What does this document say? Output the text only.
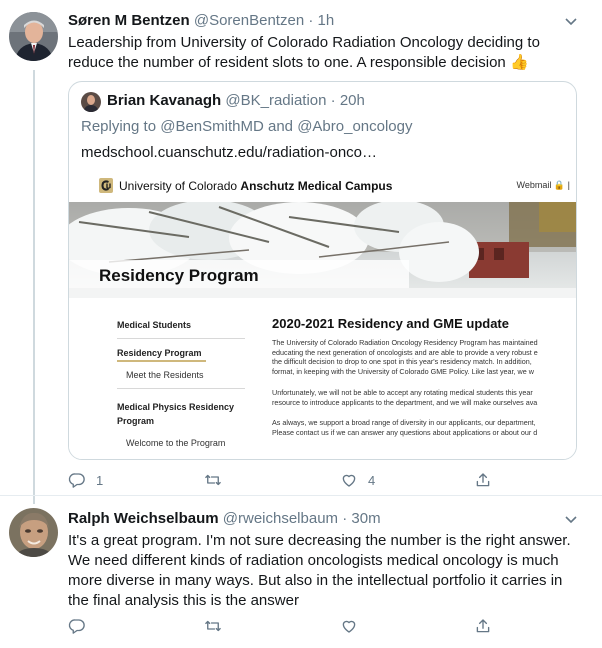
Søren M Bentzen @SorenBentzen · 1h
Leadership from University of Colorado Radiation Oncology deciding to
reduce the number of resident slots to one. A responsible decision 👍
Brian Kavanagh @BK_radiation · 20h
Replying to @BenSmithMD and @Abro_oncology
medschool.cuanschutz.edu/radiation-onco…
University of Colorado Anschutz Medical Campus	Webmail 🔒 |
Residency Program
Medical Students
Residency Program
Meet the Residents
Medical Physics Residency
Program
Welcome to the Program
2020-2021 Residency and GME update
The University of Colorado Radiation Oncology Residency Program has maintained
educating the next generation of oncologists and are able to provide a very robust e
the difficult decision to drop to one spot in this year's residency match. In addition,
format, in keeping with the University of Colorado GME Policy. Like last year, we w
Unfortunately, we will not be able to accept any rotating medical students this year
resource to introduce applicants to the department, and we will make ourselves ava
As always, we support a broad range of diversity in our applicants, our department,
Please contact us if we can answer any questions about applications or about our d
1	4
Ralph Weichselbaum @rweichselbaum · 30m
It's a great program. I'm not sure decreasing the number is the right answer.
We need different kinds of radiation oncologists medical oncology is much
more diverse in many ways. But also in the intellectual portfolio it carries in
the final analysis this is the answer
